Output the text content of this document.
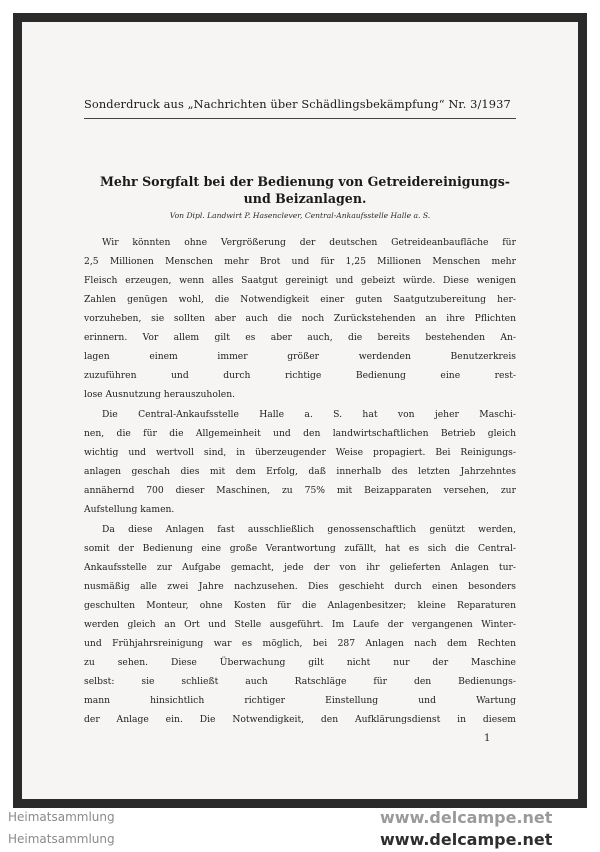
Sonderdruck aus „Nachrichten über Schädlingsbekämpfung“ Nr. 3/1937
Mehr Sorgfalt bei der Bedienung von Getreidereinigungs-
und Beizanlagen.
Von Dipl. Landwirt P. Hasenclever, Central-Ankaufsstelle Halle a. S.
Wir könnten ohne Vergrößerung der deutschen Getreideanbaufläche für
2,5 Millionen Menschen mehr Brot und für 1,25 Millionen Menschen mehr
Fleisch erzeugen, wenn alles Saatgut gereinigt und gebeizt würde. Diese wenigen
Zahlen genügen wohl, die Notwendigkeit einer guten Saatgutzubereitung her-
vorzuheben, sie sollten aber auch die noch Zurückstehenden an ihre Pflichten
erinnern. Vor allem gilt es aber auch, die bereits bestehenden An-
lagen einem immer größer werdenden Benutzerkreis
zuzuführen und durch richtige Bedienung eine rest-
lose Ausnutzung herauszuholen.
Die Central-Ankaufsstelle Halle a. S. hat von jeher Maschi-
nen, die für die Allgemeinheit und den landwirtschaftlichen Betrieb gleich
wichtig und wertvoll sind, in überzeugender Weise propagiert. Bei Reinigungs-
anlagen geschah dies mit dem Erfolg, daß innerhalb des letzten Jahrzehntes
annähernd 700 dieser Maschinen, zu 75% mit Beizapparaten versehen, zur
Aufstellung kamen.
Da diese Anlagen fast ausschließlich genossenschaftlich genützt werden,
somit der Bedienung eine große Verantwortung zufällt, hat es sich die Central-
Ankaufsstelle zur Aufgabe gemacht, jede der von ihr gelieferten Anlagen tur-
nusmäßig alle zwei Jahre nachzusehen. Dies geschieht durch einen besonders
geschulten Monteur, ohne Kosten für die Anlagenbesitzer; kleine Reparaturen
werden gleich an Ort und Stelle ausgeführt. Im Laufe der vergangenen Winter-
und Frühjahrsreinigung war es möglich, bei 287 Anlagen nach dem Rechten
zu sehen. Diese Überwachung gilt nicht nur der Maschine
selbst: sie schließt auch Ratschläge für den Bedienungs-
mann hinsichtlich richtiger Einstellung und Wartung
der Anlage ein. Die Notwendigkeit, den Aufklärungsdienst in diesem
1
Heimatsammlung	www.delcampe.net
Heimatsammlung	www.delcampe.net
